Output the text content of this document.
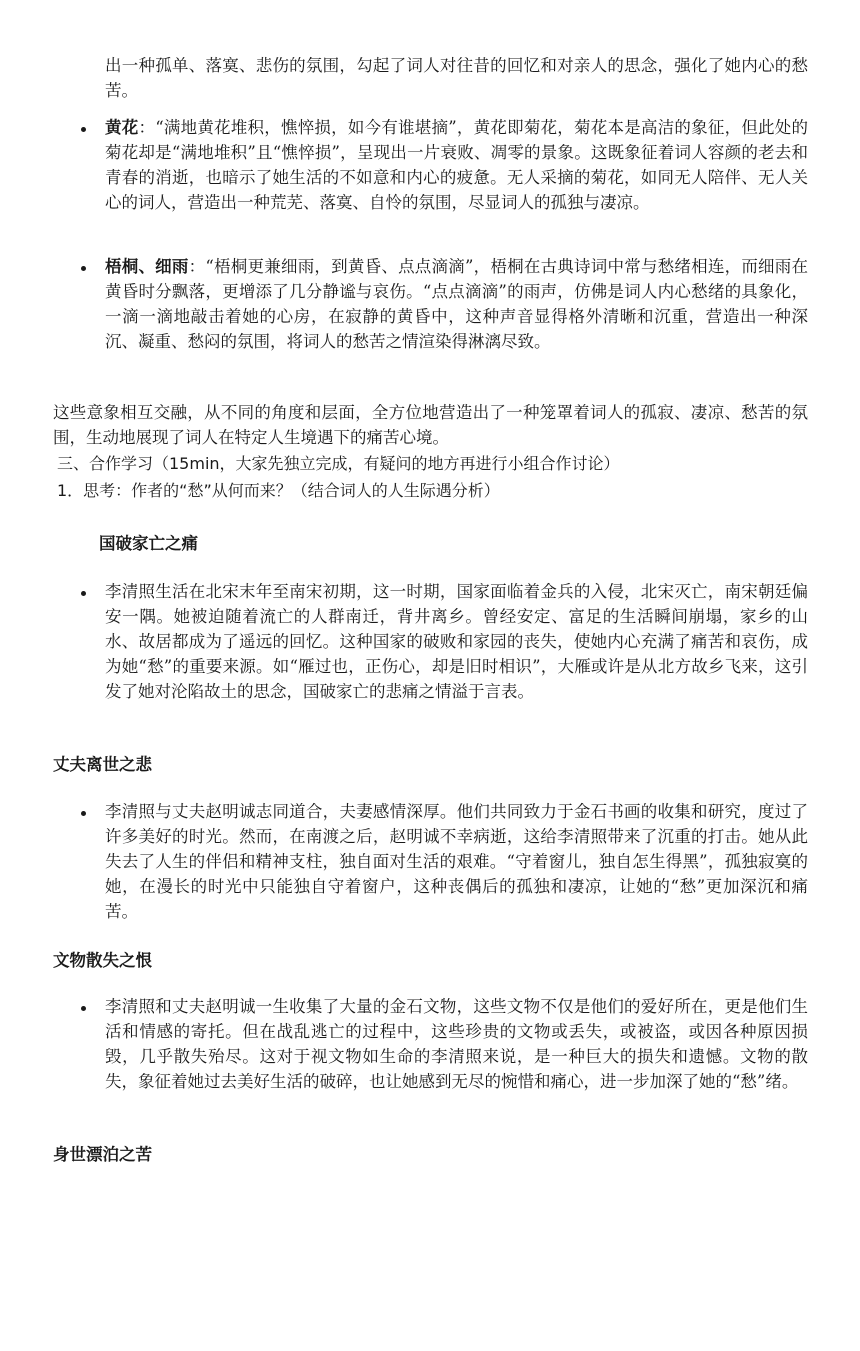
出一种孤单、落寞、悲伤的氛围，勾起了词人对往昔的回忆和对亲人的思念，强化了她内心的愁苦。

黄花：“满地黄花堆积，憔悴损，如今有谁堪摘”，黄花即菊花，菊花本是高洁的象征，但此处的菊花却是“满地堆积”且“憔悴损”，呈现出一片衰败、凋零的景象。这既象征着词人容颜的老去和青春的消逝，也暗示了她生活的不如意和内心的疲惫。无人采摘的菊花，如同无人陪伴、无人关心的词人，营造出一种荒芜、落寞、自怜的氛围，尽显词人的孤独与凄凉。

梧桐、细雨：“梧桐更兼细雨，到黄昏、点点滴滴”，梧桐在古典诗词中常与愁绪相连，而细雨在黄昏时分飘落，更增添了几分静谧与哀伤。“点点滴滴”的雨声，仿佛是词人内心愁绪的具象化，一滴一滴地敲击着她的心房，在寂静的黄昏中，这种声音显得格外清晰和沉重，营造出一种深沉、凝重、愁闷的氛围，将词人的愁苦之情渲染得淋漓尽致。

这些意象相互交融，从不同的角度和层面，全方位地营造出了一种笼罩着词人的孤寂、凄凉、愁苦的氛围，生动地展现了词人在特定人生境遇下的痛苦心境。

三、合作学习（15min，大家先独立完成，有疑问的地方再进行小组合作讨论）

1．思考：作者的“愁”从何而来？（结合词人的人生际遇分析）

国破家亡之痛

李清照生活在北宋末年至南宋初期，这一时期，国家面临着金兵的入侵，北宋灭亡，南宋朝廷偏安一隅。她被迫随着流亡的人群南迁，背井离乡。曾经安定、富足的生活瞬间崩塌，家乡的山水、故居都成为了遥远的回忆。这种国家的破败和家园的丧失，使她内心充满了痛苦和哀伤，成为她“愁”的重要来源。如“雁过也，正伤心，却是旧时相识”，大雁或许是从北方故乡飞来，这引发了她对沦陷故土的思念，国破家亡的悲痛之情溢于言表。

丈夫离世之悲

李清照与丈夫赵明诚志同道合，夫妻感情深厚。他们共同致力于金石书画的收集和研究，度过了许多美好的时光。然而，在南渡之后，赵明诚不幸病逝，这给李清照带来了沉重的打击。她从此失去了人生的伴侣和精神支柱，独自面对生活的艰难。“守着窗儿，独自怎生得黑”，孤独寂寞的她，在漫长的时光中只能独自守着窗户，这种丧偶后的孤独和凄凉，让她的“愁”更加深沉和痛苦。

文物散失之恨

李清照和丈夫赵明诚一生收集了大量的金石文物，这些文物不仅是他们的爱好所在，更是他们生活和情感的寄托。但在战乱逃亡的过程中，这些珍贵的文物或丢失，或被盗，或因各种原因损毁，几乎散失殆尽。这对于视文物如生命的李清照来说，是一种巨大的损失和遗憾。文物的散失，象征着她过去美好生活的破碎，也让她感到无尽的惋惜和痛心，进一步加深了她的“愁”绪。

身世漂泊之苦
